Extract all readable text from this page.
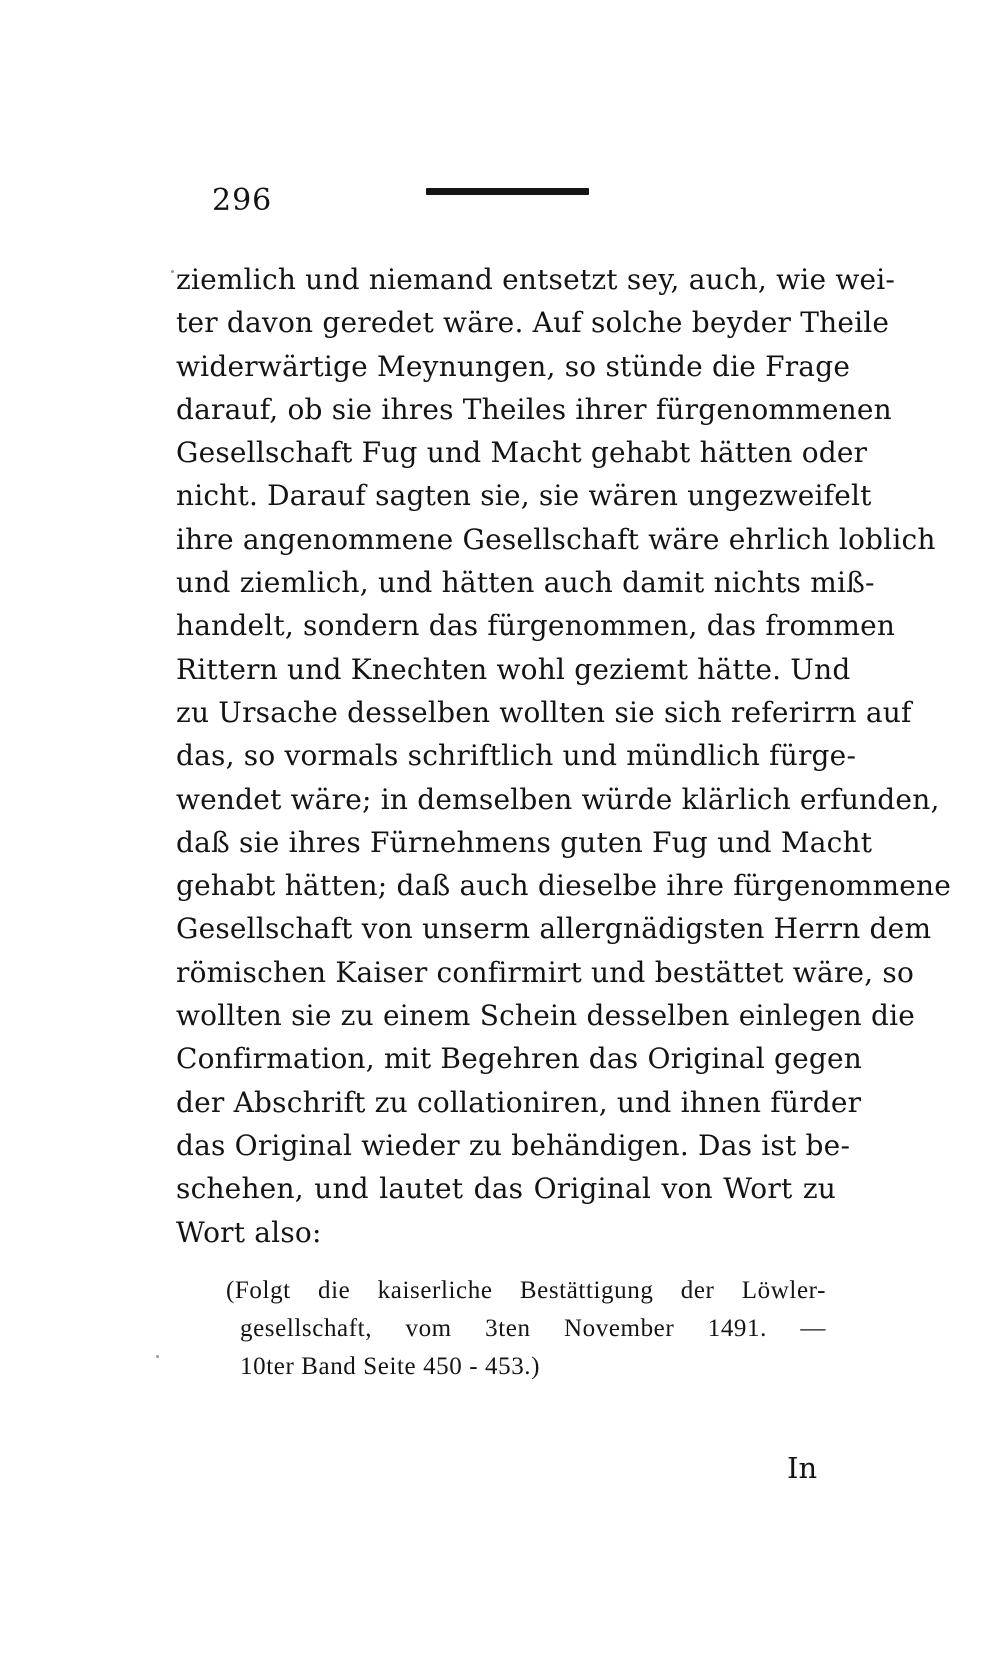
296
ziemlich und niemand entsetzt sey, auch, wie wei-
ter davon geredet wäre. Auf solche beyder Theile
widerwärtige Meynungen, so stünde die Frage
darauf, ob sie ihres Theiles ihrer fürgenommenen
Gesellschaft Fug und Macht gehabt hätten oder
nicht. Darauf sagten sie, sie wären ungezweifelt
ihre angenommene Gesellschaft wäre ehrlich loblich
und ziemlich, und hätten auch damit nichts miß-
handelt, sondern das fürgenommen, das frommen
Rittern und Knechten wohl geziemt hätte. Und
zu Ursache desselben wollten sie sich referirrn auf
das, so vormals schriftlich und mündlich fürge-
wendet wäre; in demselben würde klärlich erfunden,
daß sie ihres Fürnehmens guten Fug und Macht
gehabt hätten; daß auch dieselbe ihre fürgenommene
Gesellschaft von unserm allergnädigsten Herrn dem
römischen Kaiser confirmirt und bestättet wäre, so
wollten sie zu einem Schein desselben einlegen die
Confirmation, mit Begehren das Original gegen
der Abschrift zu collationiren, und ihnen fürder
das Original wieder zu behändigen. Das ist be-
schehen, und lautet das Original von Wort zu
Wort also:
(Folgt die kaiserliche Bestättigung der Löwler-
gesellschaft, vom 3ten November 1491. —
10ter Band Seite 450 - 453.)
In
